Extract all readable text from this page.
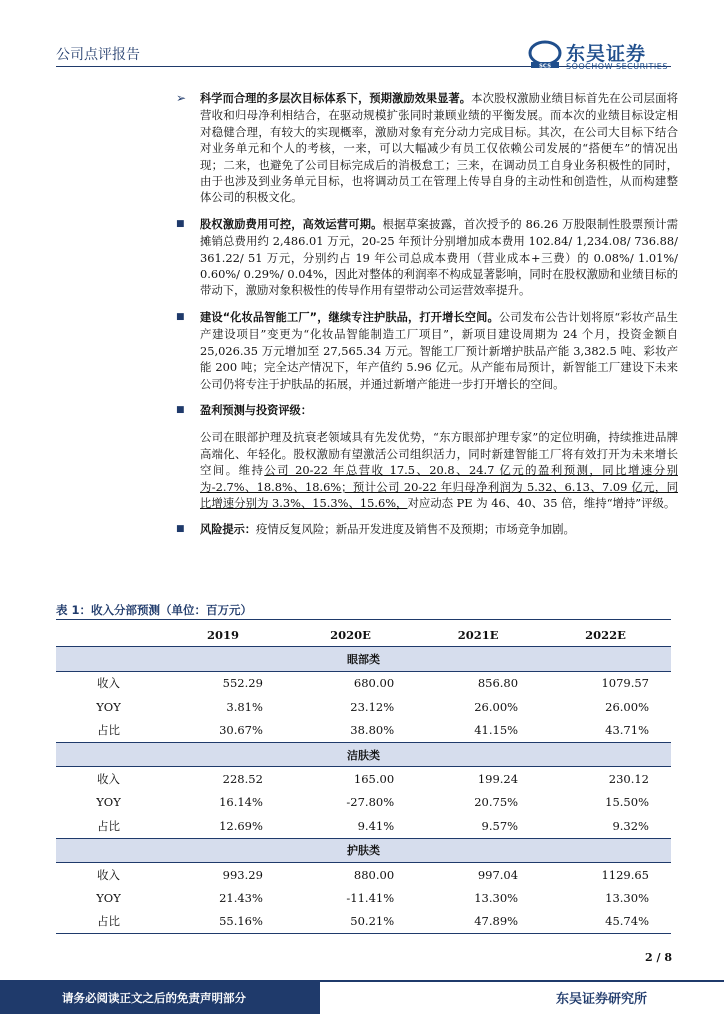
公司点评报告
SCS
东吴证券
SOOCHOW SECURITIES
➢ 科学而合理的多层次目标体系下，预期激励效果显著。本次股权激励业绩目标首先在公司层面将营收和归母净利相结合，在驱动规模扩张同时兼顾业绩的平衡发展。而本次的业绩目标设定相对稳健合理，有较大的实现概率，激励对象有充分动力完成目标。其次，在公司大目标下结合对业务单元和个人的考核，一来，可以大幅减少有员工仅依赖公司发展的“搭便车”的情况出现；二来，也避免了公司目标完成后的消极怠工；三来，在调动员工自身业务积极性的同时，由于也涉及到业务单元目标，也将调动员工在管理上传导自身的主动性和创造性，从而构建整体公司的积极文化。
■ 股权激励费用可控，高效运营可期。根据草案披露，首次授予的 86.26 万股限制性股票预计需摊销总费用约 2,486.01 万元，20-25 年预计分别增加成本费用 102.84/ 1,234.08/ 736.88/ 361.22/ 51 万元，分别约占 19 年公司总成本费用（营业成本+三费）的 0.08%/ 1.01%/ 0.60%/ 0.29%/ 0.04%，因此对整体的利润率不构成显著影响，同时在股权激励和业绩目标的带动下，激励对象积极性的传导作用有望带动公司运营效率提升。
■ 建设“化妆品智能工厂”，继续专注护肤品，打开增长空间。公司发布公告计划将原“彩妆产品生产建设项目”变更为“化妆品智能制造工厂项目”，新项目建设周期为 24 个月，投资金额自 25,026.35 万元增加至 27,565.34 万元。智能工厂预计新增护肤品产能 3,382.5 吨、彩妆产能 200 吨；完全达产情况下，年产值约 5.96 亿元。从产能布局预计，新智能工厂建设下未来公司仍将专注于护肤品的拓展，并通过新增产能进一步打开增长的空间。
■ 盈利预测与投资评级：
公司在眼部护理及抗衰老领域具有先发优势，“东方眼部护理专家”的定位明确，持续推进品牌高端化、年轻化。股权激励有望激活公司组织活力，同时新建智能工厂将有效打开为未来增长空间。维持公司 20-22 年总营收 17.5、20.8、24.7 亿元的盈利预测，同比增速分别为-2.7%、18.8%、18.6%；预计公司 20-22 年归母净利润为 5.32、6.13、7.09 亿元，同比增速分别为 3.3%、15.3%、15.6%，对应动态 PE 为 46、40、35 倍，维持“增持”评级。
■ 风险提示：疫情反复风险；新品开发进度及销售不及预期；市场竞争加剧。
表 1：收入分部预测（单位：百万元）
	2019	2020E	2021E	2022E
眼部类				
收入	552.29	680.00	856.80	1079.57
YOY	3.81%	23.12%	26.00%	26.00%
占比	30.67%	38.80%	41.15%	43.71%
洁肤类				
收入	228.52	165.00	199.24	230.12
YOY	16.14%	-27.80%	20.75%	15.50%
占比	12.69%	9.41%	9.57%	9.32%
护肤类				
收入	993.29	880.00	997.04	1129.65
YOY	21.43%	-11.41%	13.30%	13.30%
占比	55.16%	50.21%	47.89%	45.74%
2 / 8
请务必阅读正文之后的免责声明部分	东吴证券研究所
